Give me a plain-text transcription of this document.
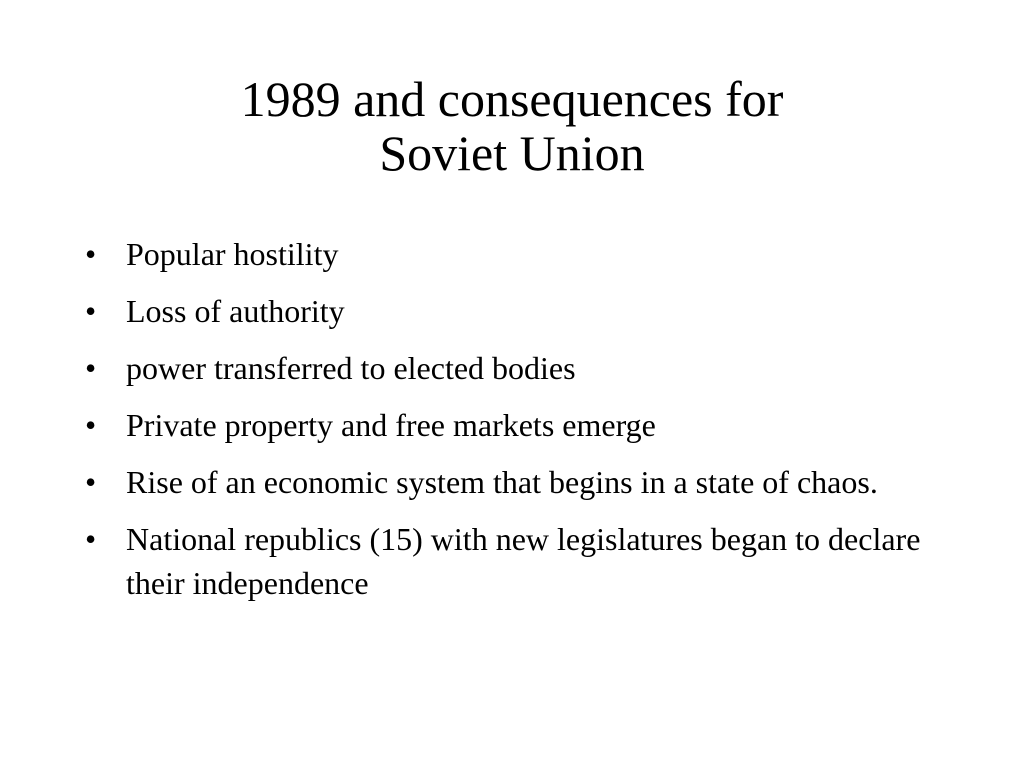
1989 and consequences for
Soviet Union
• Popular hostility
• Loss of authority
• power transferred to elected bodies
• Private property and free markets emerge
• Rise of an economic system that begins in a state of chaos.
• National republics (15) with new legislatures began to declare their independence
